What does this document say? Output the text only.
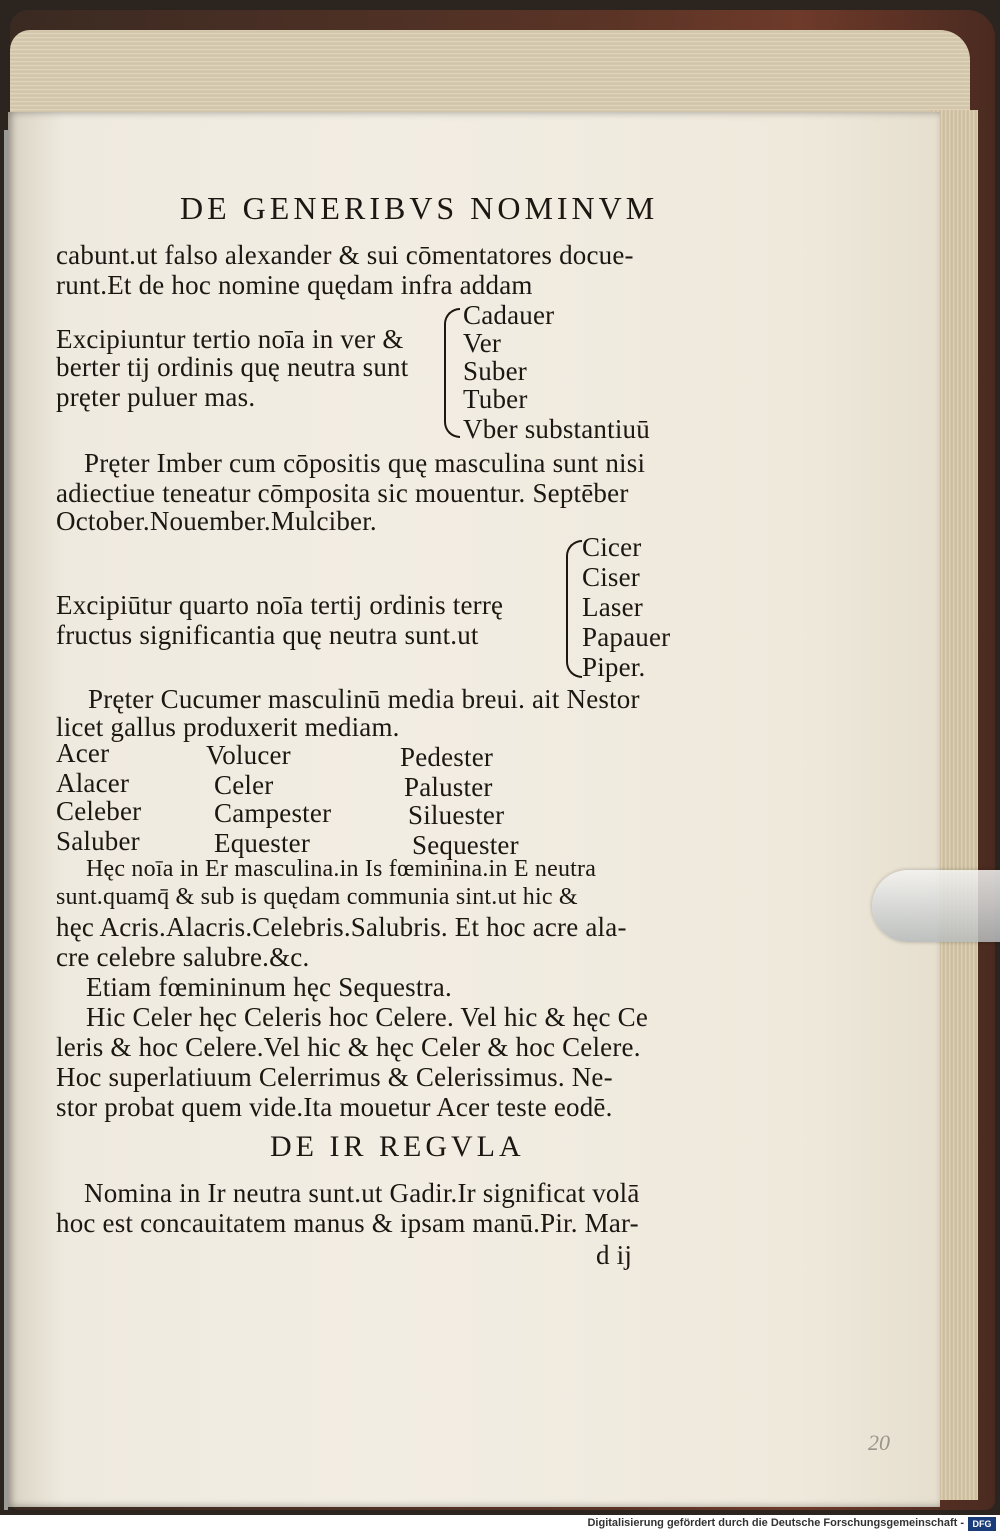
DE GENERIBVS NOMINVM
cabunt.ut falso alexander & sui cōmentatores docue-
runt.Et de hoc nomine quędam infra addam
Excipiuntur tertio noīa in ver &
berter tij ordinis quę neutra sunt
pręter puluer mas.
Cadauer
Ver
Suber
Tuber
Vber substantiuū
Pręter Imber cum cōpositis quę masculina sunt nisi
adiectiue teneatur cōmposita sic mouentur. Septēber
October.Nouember.Mulciber.
Excipiūtur quarto noīa tertij ordinis terrę
fructus significantia quę neutra sunt.ut
Cicer
Ciser
Laser
Papauer
Piper.
Pręter Cucumer masculinū media breui. ait Nestor
licet gallus produxerit mediam.
Acer
Alacer
Celeber
Saluber
Volucer
Celer
Campester
Equester
Pedester
Paluster
Siluester
Sequester
Hęc noīa in Er masculina.in Is fœminina.in E neutra
sunt.quamq̄ & sub is quędam communia sint.ut hic &
hęc Acris.Alacris.Celebris.Salubris. Et hoc acre ala-
cre celebre salubre.&c.
Etiam fœmininum hęc Sequestra.
Hic Celer hęc Celeris hoc Celere. Vel hic & hęc Ce
leris & hoc Celere.Vel hic & hęc Celer & hoc Celere.
Hoc superlatiuum Celerrimus & Celerissimus. Ne-
stor probat quem vide.Ita mouetur Acer teste eodē.
DE IR REGVLA
Nomina in Ir neutra sunt.ut Gadir.Ir significat volā
hoc est concauitatem manus & ipsam manū.Pir. Mar-
d ij
20
Digitalisierung gefördert durch die Deutsche Forschungsgemeinschaft - DFG
